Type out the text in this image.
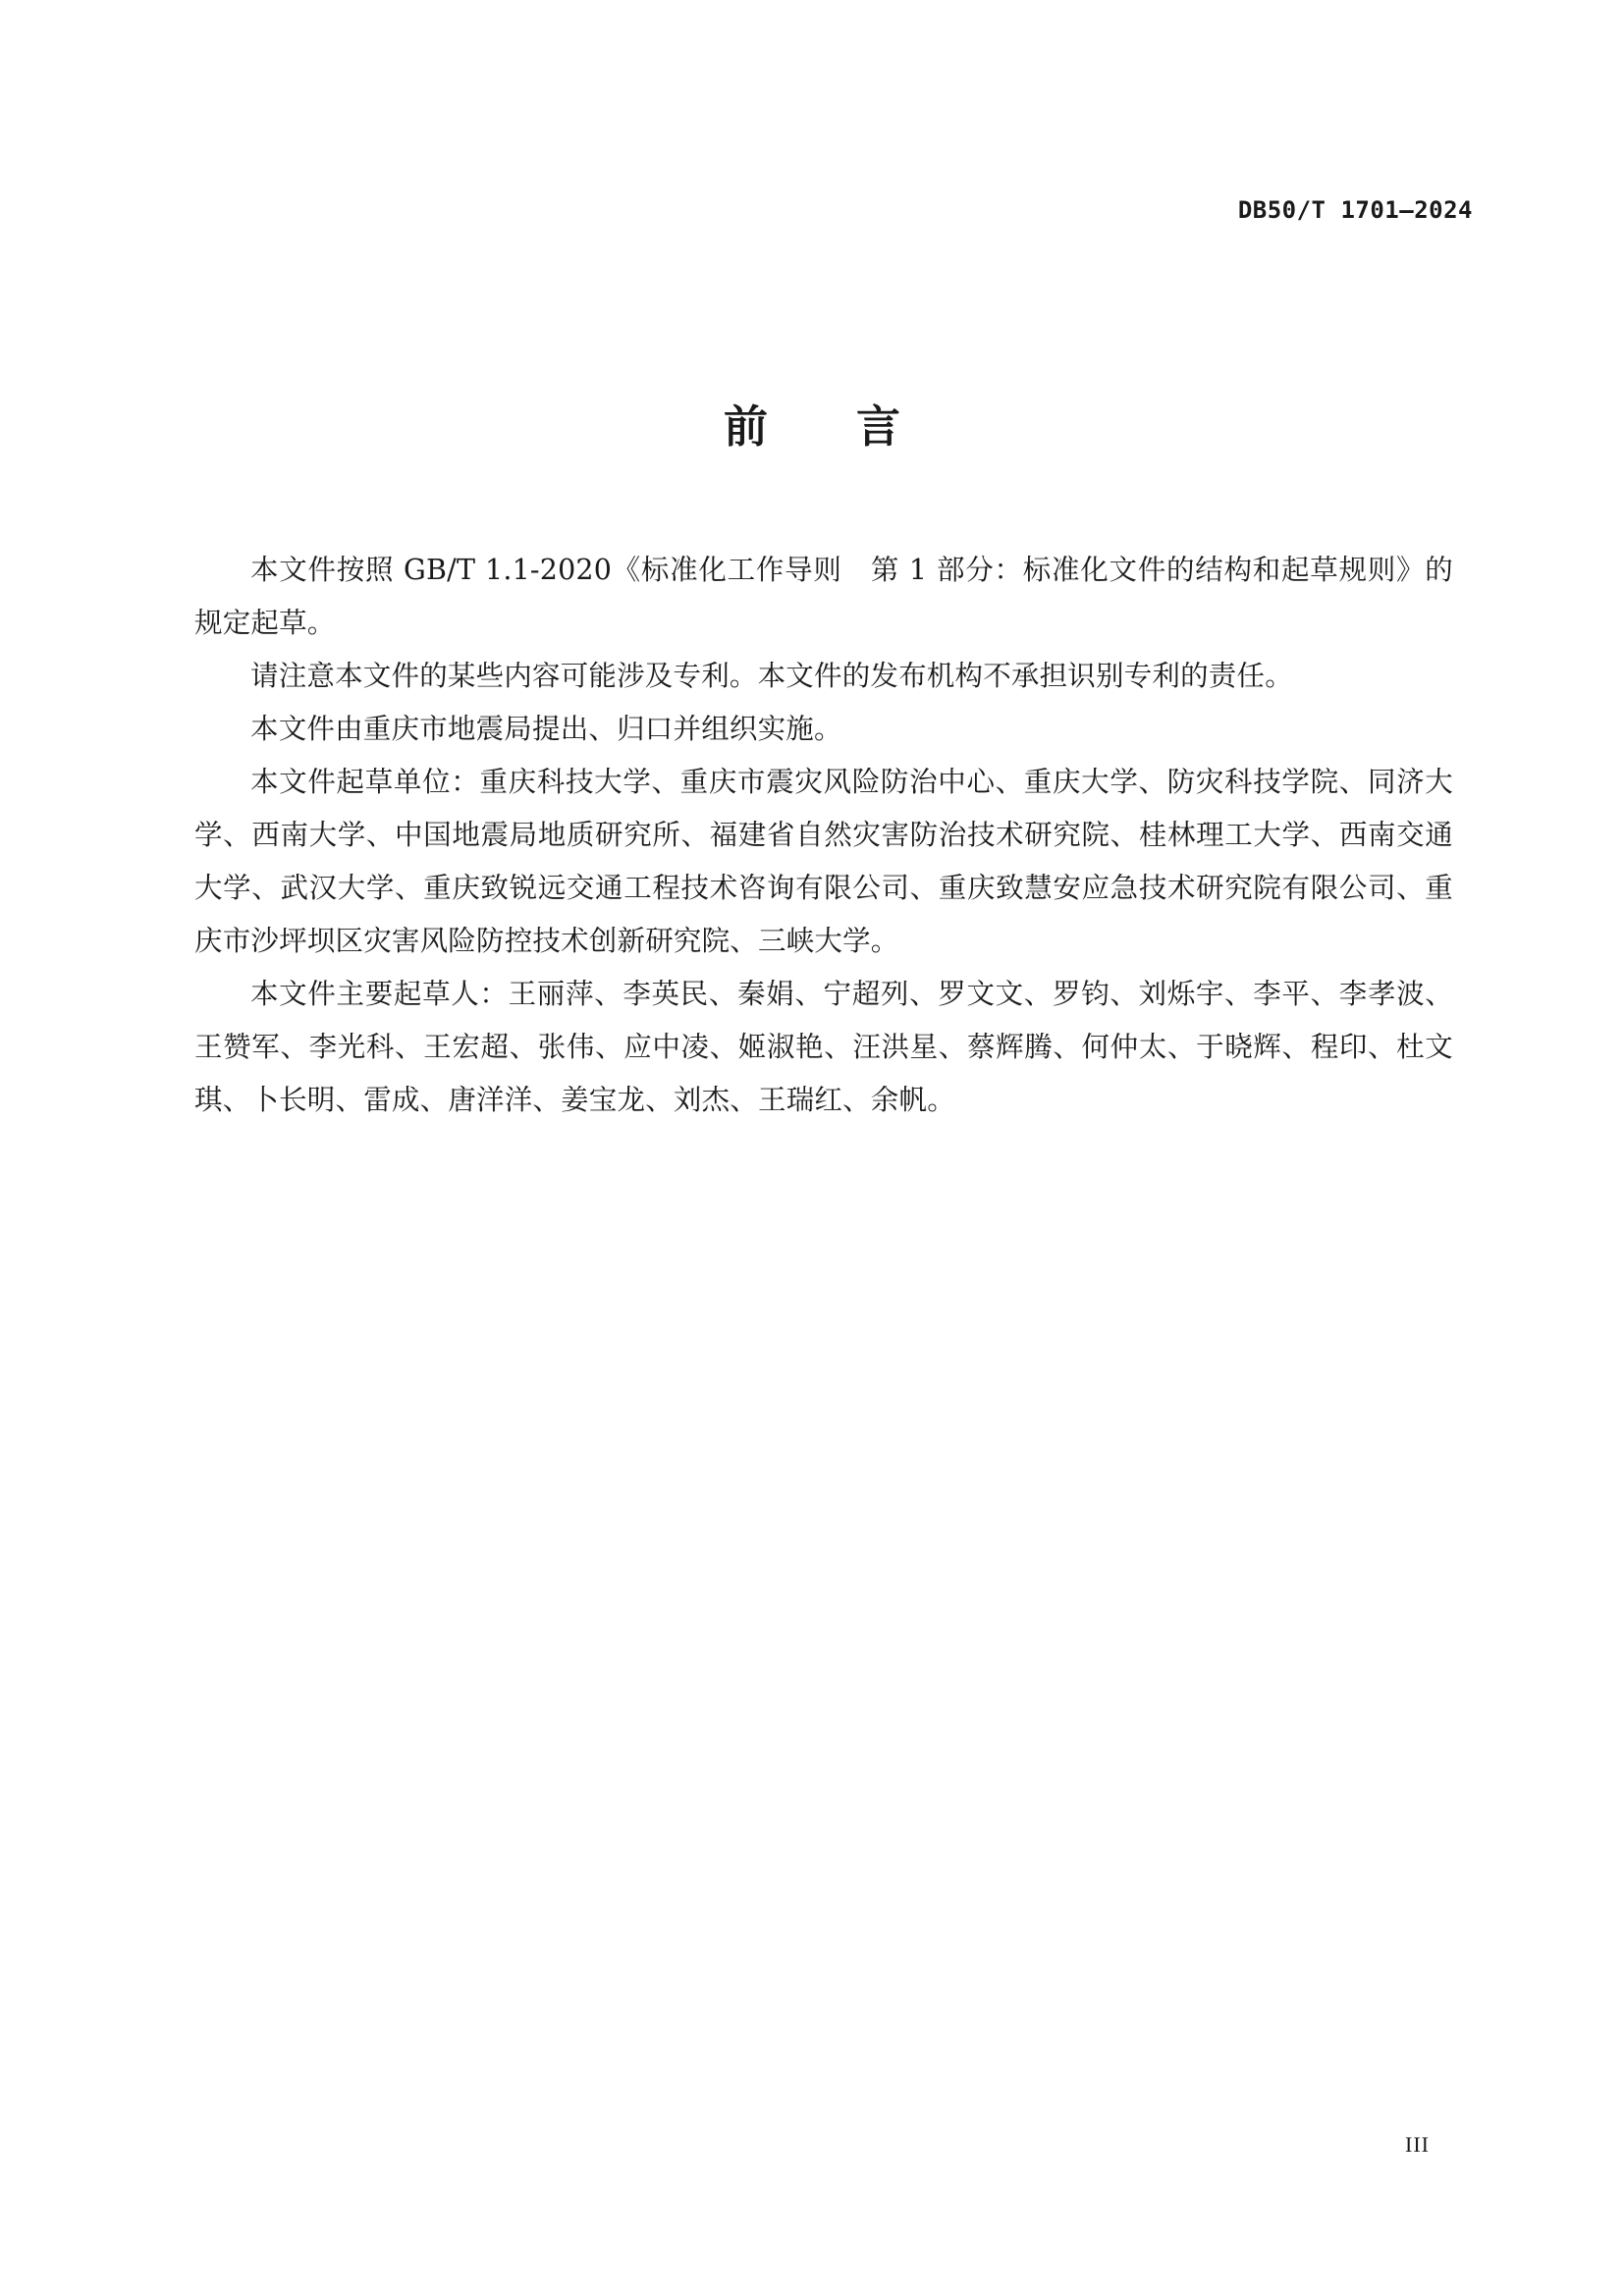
DB50/T 1701—2024
前　　言

本文件按照 GB/T 1.1-2020《标准化工作导则　第 1 部分：标准化文件的结构和起草规则》的规定起草。

请注意本文件的某些内容可能涉及专利。本文件的发布机构不承担识别专利的责任。

本文件由重庆市地震局提出、归口并组织实施。

本文件起草单位：重庆科技大学、重庆市震灾风险防治中心、重庆大学、防灾科技学院、同济大学、西南大学、中国地震局地质研究所、福建省自然灾害防治技术研究院、桂林理工大学、西南交通大学、武汉大学、重庆致锐远交通工程技术咨询有限公司、重庆致慧安应急技术研究院有限公司、重庆市沙坪坝区灾害风险防控技术创新研究院、三峡大学。

本文件主要起草人：王丽萍、李英民、秦娟、宁超列、罗文文、罗钧、刘烁宇、李平、李孝波、王赞军、李光科、王宏超、张伟、应中凌、姬淑艳、汪洪星、蔡辉腾、何仲太、于晓辉、程印、杜文琪、卜长明、雷成、唐洋洋、姜宝龙、刘杰、王瑞红、余帆。

III
